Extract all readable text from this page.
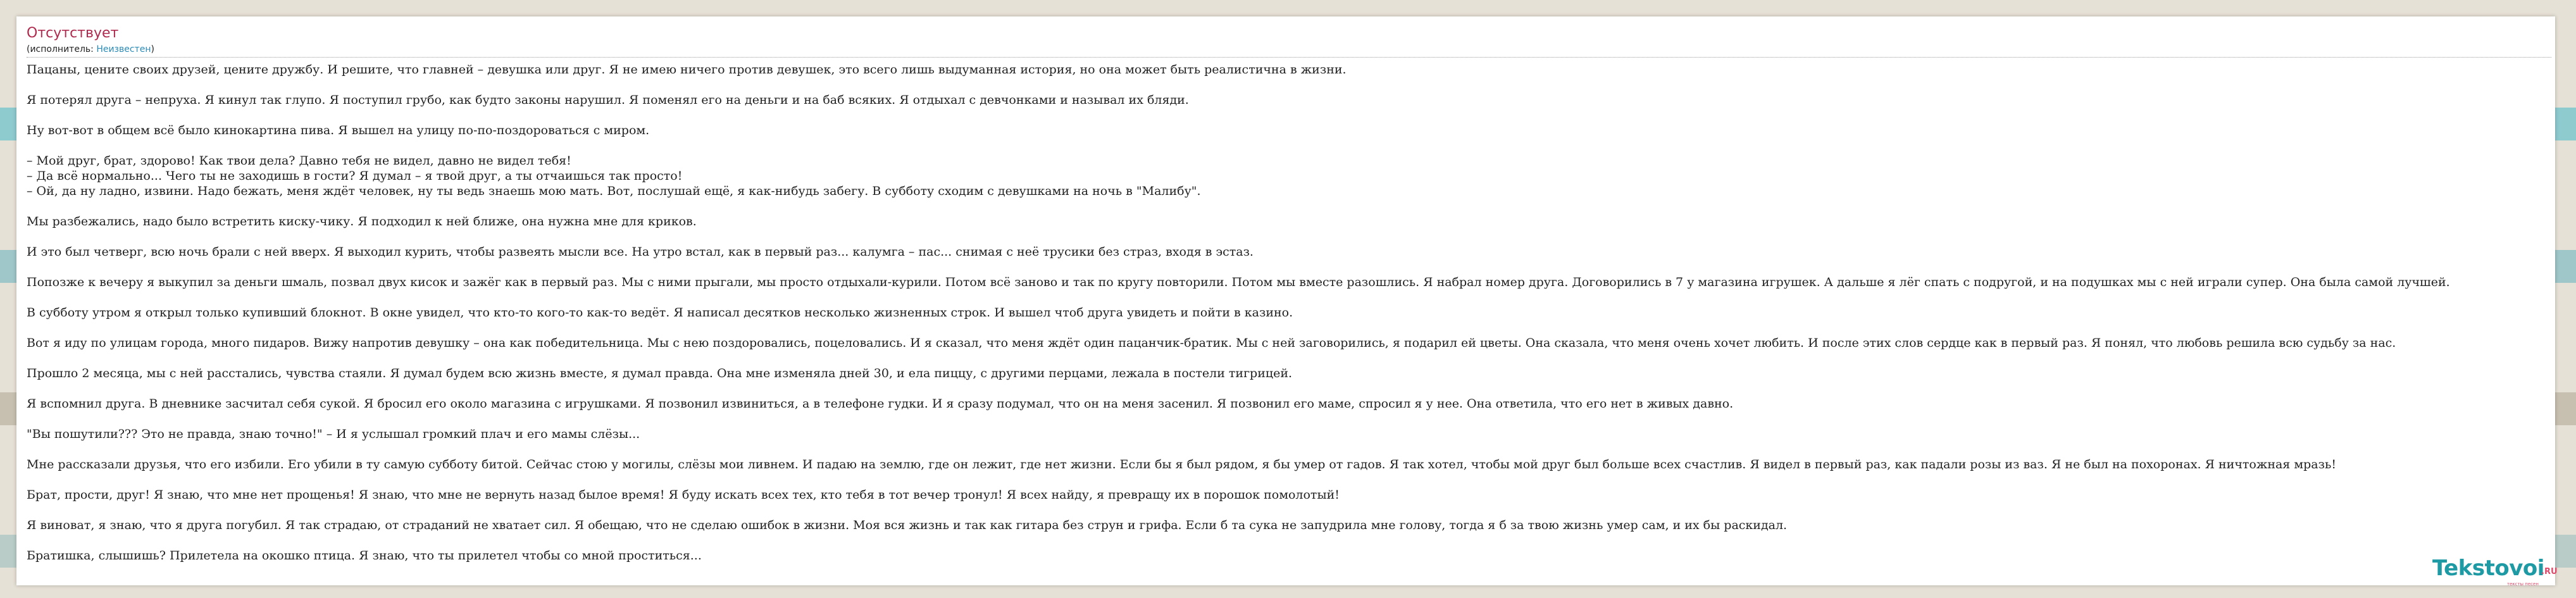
Отсутствует
(исполнитель: Неизвестен)
Пацаны, цените своих друзей, цените дружбу. И решите, что главней – девушка или друг. Я не имею ничего против девушек, это всего лишь выдуманная история, но она может быть реалистична в жизни.
Я потерял друга – непруха. Я кинул так глупо. Я поступил грубо, как будто законы нарушил. Я поменял его на деньги и на баб всяких. Я отдыхал с девчонками и называл их бляди.
Ну вот-вот в общем всё было кинокартина пива. Я вышел на улицу по-по-поздороваться с миром.
– Мой друг, брат, здорово! Как твои дела? Давно тебя не видел, давно не видел тебя!
– Да всё нормально... Чего ты не заходишь в гости? Я думал – я твой друг, а ты отчаишься так просто!
– Ой, да ну ладно, извини. Надо бежать, меня ждёт человек, ну ты ведь знаешь мою мать. Вот, послушай ещё, я как-нибудь забегу. В субботу сходим с девушками на ночь в "Малибу".
Мы разбежались, надо было встретить киску-чику. Я подходил к ней ближе, она нужна мне для криков.
И это был четверг, всю ночь брали с ней вверх. Я выходил курить, чтобы развеять мысли все. На утро встал, как в первый раз... калумга – пас... снимая с неё трусики без страз, входя в эстаз.
Попозже к вечеру я выкупил за деньги шмаль, позвал двух кисок и зажёг как в первый раз. Мы с ними прыгали, мы просто отдыхали-курили. Потом всё заново и так по кругу повторили. Потом мы вместе разошлись. Я набрал номер друга. Договорились в 7 у магазина игрушек. А дальше я лёг спать с подругой, и на подушках мы с ней играли супер. Она была самой лучшей.
В субботу утром я открыл только купивший блокнот. В окне увидел, что кто-то кого-то как-то ведёт. Я написал десятков несколько жизненных строк. И вышел чтоб друга увидеть и пойти в казино.
Вот я иду по улицам города, много пидаров. Вижу напротив девушку – она как победительница. Мы с нею поздоровались, поцеловались. И я сказал, что меня ждёт один пацанчик-братик. Мы с ней заговорились, я подарил ей цветы. Она сказала, что меня очень хочет любить. И после этих слов сердце как в первый раз. Я понял, что любовь решила всю судьбу за нас.
Прошло 2 месяца, мы с ней расстались, чувства стаяли. Я думал будем всю жизнь вместе, я думал правда. Она мне изменяла дней 30, и ела пиццу, с другими перцами, лежала в постели тигрицей.
Я вспомнил друга. В дневнике засчитал себя сукой. Я бросил его около магазина с игрушками. Я позвонил извиниться, а в телефоне гудки. И я сразу подумал, что он на меня засенил. Я позвонил его маме, спросил я у нее. Она ответила, что его нет в живых давно.
"Вы пошутили??? Это не правда, знаю точно!" – И я услышал громкий плач и его мамы слёзы...
Мне рассказали друзья, что его избили. Его убили в ту самую субботу битой. Сейчас стою у могилы, слёзы мои ливнем. И падаю на землю, где он лежит, где нет жизни. Если бы я был рядом, я бы умер от гадов. Я так хотел, чтобы мой друг был больше всех счастлив. Я видел в первый раз, как падали розы из ваз. Я не был на похоронах. Я ничтожная мразь!
Брат, прости, друг! Я знаю, что мне нет прощенья! Я знаю, что мне не вернуть назад былое время! Я буду искать всех тех, кто тебя в тот вечер тронул! Я всех найду, я превращу их в порошок помолотый!
Я виноват, я знаю, что я друга погубил. Я так страдаю, от страданий не хватает сил. Я обещаю, что не сделаю ошибок в жизни. Моя вся жизнь и так как гитара без струн и грифа. Если б та сука не запудрила мне голову, тогда я б за твою жизнь умер сам, и их бы раскидал.
Братишка, слышишь? Прилетела на окошко птица. Я знаю, что ты прилетел чтобы со мной проститься...	Tekstovoi
.RU
тексты песен
